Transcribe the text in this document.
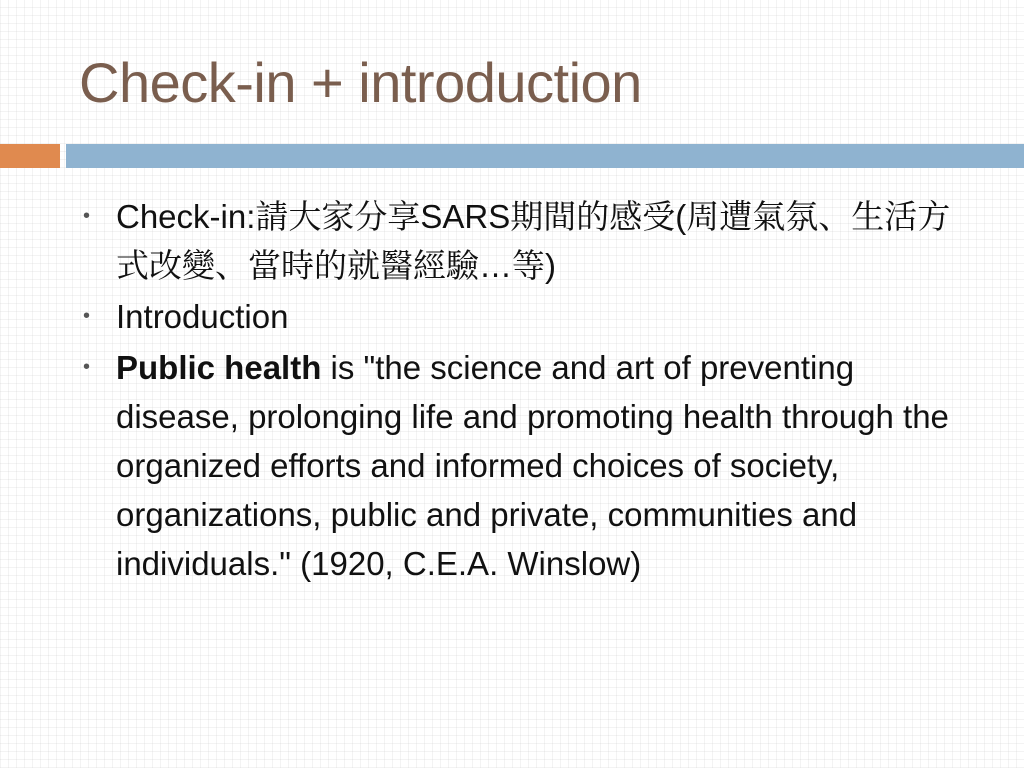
Check-in + introduction
• Check-in:請大家分享SARS期間的感受(周遭氣氛、生活方式改變、當時的就醫經驗…等)
• Introduction
• Public health is "the science and art of preventing disease, prolonging life and promoting health through the organized efforts and informed choices of society, organizations, public and private, communities and individuals." (1920, C.E.A. Winslow)
